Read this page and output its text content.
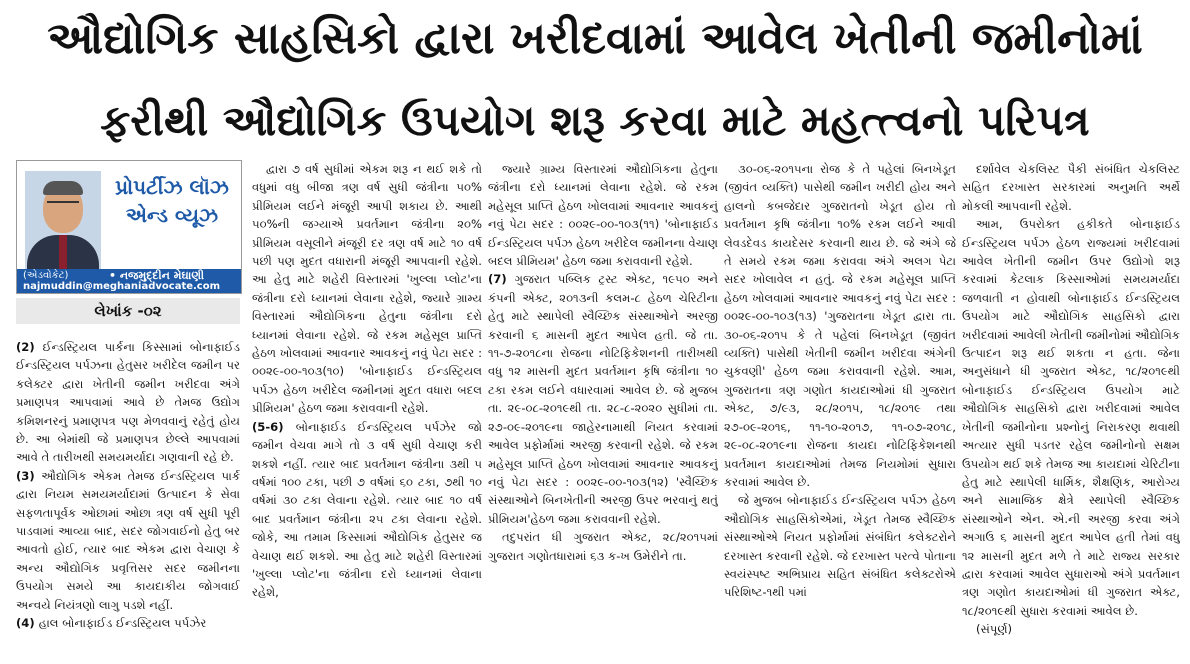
ઔદ્યોગિક સાહસિકો દ્વારા ખરીદવામાં આવેલ ખેતીની જમીનોમાં
ફરીથી ઔદ્યોગિક ઉપયોગ શરૂ કરવા માટે મહત્ત્વનો પરિપત્ર
પ્રોપર્ટીઝ લૉઝ એન્ડ વ્યૂઝ
(એડવોકેટ)	• નજમુદ્દીન મેઘાણી
najmuddin@meghaniadvocate.com
લેખાંક -૦૨

(2) ઈન્ડસ્ટ્રિયલ પાર્કના કિસ્સામાં બોનાફાઈડ ઈન્ડસ્ટ્રિયલ પર્પઝના હેતુસર ખરીદેલ જમીન પર કલેક્ટર દ્વારા ખેતીની જમીન ખરીદવા અંગે પ્રમાણપત્ર આપવામાં આવે છે તેમજ ઉદ્યોગ કમિશનરનું પ્રમાણપત્ર પણ મેળવવાનું રહેતું હોય છે. આ બેમાંથી જે પ્રમાણપત્ર છેલ્લે આપવામાં આવે તે તારીખથી સમયમર્યાદા ગણવાની રહે છે.

(3) ઔદ્યોગિક એકમ તેમજ ઈન્ડસ્ટ્રિયલ પાર્ક દ્વારા નિયમ સમયમર્યાદામાં ઉત્પાદન કે સેવા સફળતાપૂર્વક ઓછામાં ઓછા ત્રણ વર્ષ સુધી પૂરી પાડવામાં આવ્યા બાદ, સદર જોગવાઈનો હેતુ બર આવતો હોઈ, ત્યાર બાદ એકમ દ્વારા વેચાણ કે અન્ય ઔદ્યોગિક પ્રવૃત્તિસર સદર જમીનના ઉપયોગ સમયે આ કાયદાકીય જોગવાઈ અન્વયે નિયંત્રણો લાગુ પડશે નહીં.

(4) હાલ બોનાફાઈડ ઈન્ડસ્ટ્રિયલ પર્પઝેર

દ્વારા ૭ વર્ષ સુધીમાં એકમ શરૂ ન થઈ શકે તો વધુમાં વધુ બીજા ત્રણ વર્ષ સુધી જંત્રીના ૫૦% પ્રીમિયમ લઈને મંજૂરી આપી શકાય છે. આથી ૫૦%ની જગ્યાએ પ્રવર્તમાન જંત્રીના ૨૦% પ્રીમિયમ વસૂલીને મંજૂરી દર ત્રણ વર્ષ માટે ૧૦ વર્ષ પછી પણ મુદત વધારાની મંજૂરી આપવાની રહેશે. આ હેતુ માટે શહેરી વિસ્તારમાં 'ખુલ્લા પ્લોટ'ના જંત્રીના દરો ધ્યાનમાં લેવાના રહેશે, જ્યારે ગ્રામ્ય વિસ્તારમાં ઔદ્યોગિકના હેતુના જંત્રીના દરો ધ્યાનમાં લેવાના રહેશે. જે રકમ મહેસૂલ પ્રાપ્તિ હેઠળ ખોલવામાં આવનાર આવકનું નવું પેટા સદર : ૦૦૨૯-૦૦-૧૦૩(૧૦) 'બોનાફાઈડ ઈન્ડસ્ટ્રિયલ પર્પઝ હેઠળ ખરીદેલ જમીનમાં મુદત વધારા બદલ પ્રીમિયમ' હેઠળ જમા કરાવવાની રહેશે.

(5-6) બોનાફાઈડ ઈન્ડસ્ટ્રિયલ પર્પઝેર જો જમીન વેચવા માગે તો ૩ વર્ષ સુધી વેચાણ કરી શકશે નહીં. ત્યાર બાદ પ્રવર્તમાન જંત્રીના ૩થી ૫ વર્ષમાં ૧૦૦ ટકા, પછી ૭ વર્ષમાં ૬૦ ટકા, ૭થી ૧૦ વર્ષમાં ૩૦ ટકા લેવાના રહેશે. ત્યાર બાદ ૧૦ વર્ષ બાદ પ્રવર્તમાન જંત્રીના ૨૫ ટકા લેવાના રહેશે. જોકે, આ તમામ કિસ્સામાં ઔદ્યોગિક હેતુસર જ વેચાણ થઈ શકશે. આ હેતુ માટે શહેરી વિસ્તારમાં 'ખુલ્લા પ્લોટ'ના જંત્રીના દરો ધ્યાનમાં લેવાના રહેશે,

જ્યારે ગ્રામ્ય વિસ્તારમાં ઔદ્યોગિકના હેતુના જંત્રીના દરો ધ્યાનમાં લેવાના રહેશે. જે રકમ મહેસૂલ પ્રાપ્તિ હેઠળ ખોલવામાં આવનાર આવકનું નવું પેટા સદર : ૦૦૨૯-૦૦-૧૦૩(૧૧) 'બોનાફાઈડ ઈન્ડસ્ટ્રિયલ પર્પઝ હેઠળ ખરીદેલ જમીનના વેચાણ બદલ પ્રીમિયમ' હેઠળ જમા કરાવવાની રહેશે.

(7) ગુજરાત પબ્લિક ટ્રસ્ટ એક્ટ, ૧૯૫૦ અને કંપની એક્ટ, ૨૦૧૩ની કલમ-૮ હેઠળ ચેરિટીના હેતુ માટે સ્થાપેલી સ્વૈચ્છિક સંસ્થાઓને અરજી કરવાની ૬ માસની મુદત આપેલ હતી. જે તા. ૧૧-૭-૨૦૧૮ના રોજના નોટિફિકેશનની તારીખથી વધુ ૧૨ માસની મુદત પ્રવર્તમાન કૃષિ જંત્રીના ૧૦ ટકા રકમ લઈને વધારવામાં આવેલ છે. જે મુજબ તા. ૨૯-૦૮-૨૦૧૯થી તા. ૨૮-૮-૨૦૨૦ સુધીમાં તા. ૨૭-૦૯-૨૦૧૯ના જાહેરનામાથી નિયત કરવામાં આવેલ પ્રફોર્મામાં અરજી કરવાની રહેશે. જે રકમ મહેસૂલ પ્રાપ્તિ હેઠળ ખોલવામાં આવનાર આવકનું નવું પેટા સદર : ૦૦૨૯-૦૦-૧૦૩(૧૨) 'સ્વૈચ્છિક સંસ્થાઓને બિનખેતીની અરજી ઉપર ભરવાનું થતું પ્રીમિયમ'હેઠળ જમા કરાવવાની રહેશે.

તદુપરાંત ધી ગુજરાત એક્ટ, ૨૮/૨૦૧૫માં ગુજરાત ગણોતધારામાં ૬૩ ક-ખ ઉમેરીને તા.

૩૦-૦૬-૨૦૧૫ના રોજ કે તે પહેલાં બિનખેડૂત (જીવંત વ્યક્તિ) પાસેથી જમીન ખરીદી હોય અને હાલનો કબજેદાર ગુજરાતનો ખેડૂત હોય તો પ્રવર્તમાન કૃષિ જંત્રીના ૧૦% રકમ લઈને આવી લેવડદેવડ કાયદેસર કરવાની થાય છે. જે અંગે જે તે સમયે રકમ જમા કરાવવા અંગે અલગ પેટા સદર ખોલાવેલ ન હતું. જે રકમ મહેસૂલ પ્રાપ્તિ હેઠળ ખોલવામાં આવનાર આવકનું નવું પેટા સદર : ૦૦૨૯-૦૦-૧૦૩(૧૩) 'ગુજરાતના ખેડૂત દ્વારા તા. ૩૦-૦૬-૨૦૧૫ કે તે પહેલાં બિનખેડૂત (જીવંત વ્યક્તિ) પાસેથી ખેતીની જમીન ખરીદવા અંગેની ચુકવણી' હેઠળ જમા કરાવવાની રહેશે. આમ, ગુજરાતના ત્રણ ગણોત કાયદાઓમાં ધી ગુજરાત એક્ટ, ૭/૯૩, ૨૮/૨૦૧૫, ૧૮/૨૦૧૯ તથા ૨૭-૦૯-૨૦૧૬, ૧૧-૧૦-૨૦૧૭, ૧૧-૦૭-૨૦૧૮, ૨૯-૦૮-૨૦૧૯ના રોજના કાયદા નોટિફિકેશનથી પ્રવર્તમાન કાયદાઓમાં તેમજ નિયમોમાં સુધારા કરવામાં આવેલ છે.

જે મુજબ બોનાફાઈડ ઈન્ડસ્ટ્રિયલ પર્પઝ હેઠળ ઔદ્યોગિક સાહસિકોએમાં, ખેડૂત તેમજ સ્વૈચ્છિક સંસ્થાઓએ નિયત પ્રફોર્મામાં સંબંધિત કલેક્ટરોને દરખાસ્ત કરવાની રહેશે. જે દરખાસ્ત પરત્વે પોતાના સ્વયંસ્પષ્ટ અભિપ્રાય સહિત સંબંધિત કલેક્ટરોએ પરિશિષ્ટ-૧થી ૫માં

દર્શાવેલ ચેકલિસ્ટ પૈકી સંબંધિત ચેકલિસ્ટ સહિત દરખાસ્ત સરકારમાં અનુમતિ અર્થે મોકલી આપવાની રહેશે.

આમ, ઉપરોક્ત હકીકતે બોનાફાઈડ ઈન્ડસ્ટ્રિયલ પર્પઝ હેઠળ રાજ્યમાં ખરીદવામાં આવેલ ખેતીની જમીન ઉપર ઉદ્યોગો શરૂ કરવામાં કેટલાક કિસ્સાઓમાં સમયમર્યાદા જળવાતી ન હોવાથી બોનાફાઈડ ઈન્ડસ્ટ્રિયલ ઉપયોગ માટે ઔદ્યોગિક સાહસિકો દ્વારા ખરીદવામાં આવેલી ખેતીની જમીનોમાં ઔદ્યોગિક ઉત્પાદન શરૂ થઈ શકતા ન હતા. જેના અનુસંધાને ધી ગુજરાત એક્ટ, ૧૮/૨૦૧૯થી બોનાફાઈડ ઈન્ડસ્ટ્રિયલ ઉપયોગ માટે ઔદ્યોગિક સાહસિકો દ્વારા ખરીદવામાં આવેલ ખેતીની જમીનોના પ્રશ્નોનું નિરાકરણ થવાથી અત્યાર સુધી પડતર રહેલ જમીનોનો સક્ષમ ઉપયોગ થઈ શકે તેમજ આ કાયદામાં ચેરિટીના હેતુ માટે સ્થાપેલી ધાર્મિક, શૈક્ષણિક, આરોગ્ય અને સામાજિક ક્ષેત્રે સ્થાપેલી સ્વૈચ્છિક સંસ્થાઓને એન. એ.ની અરજી કરવા અંગે અગાઉ ૬ માસની મુદત આપેલ હતી તેમાં વધુ ૧૨ માસની મુદત મળે તે માટે રાજ્ય સરકાર દ્વારા કરવામાં આવેલ સુધારાઓ અંગે પ્રવર્તમાન ત્રણ ગણોત કાયદાઓમાં ધી ગુજરાત એક્ટ, ૧૮/૨૦૧૯થી સુધારા કરવામાં આવેલ છે.

(સંપૂર્ણ)
